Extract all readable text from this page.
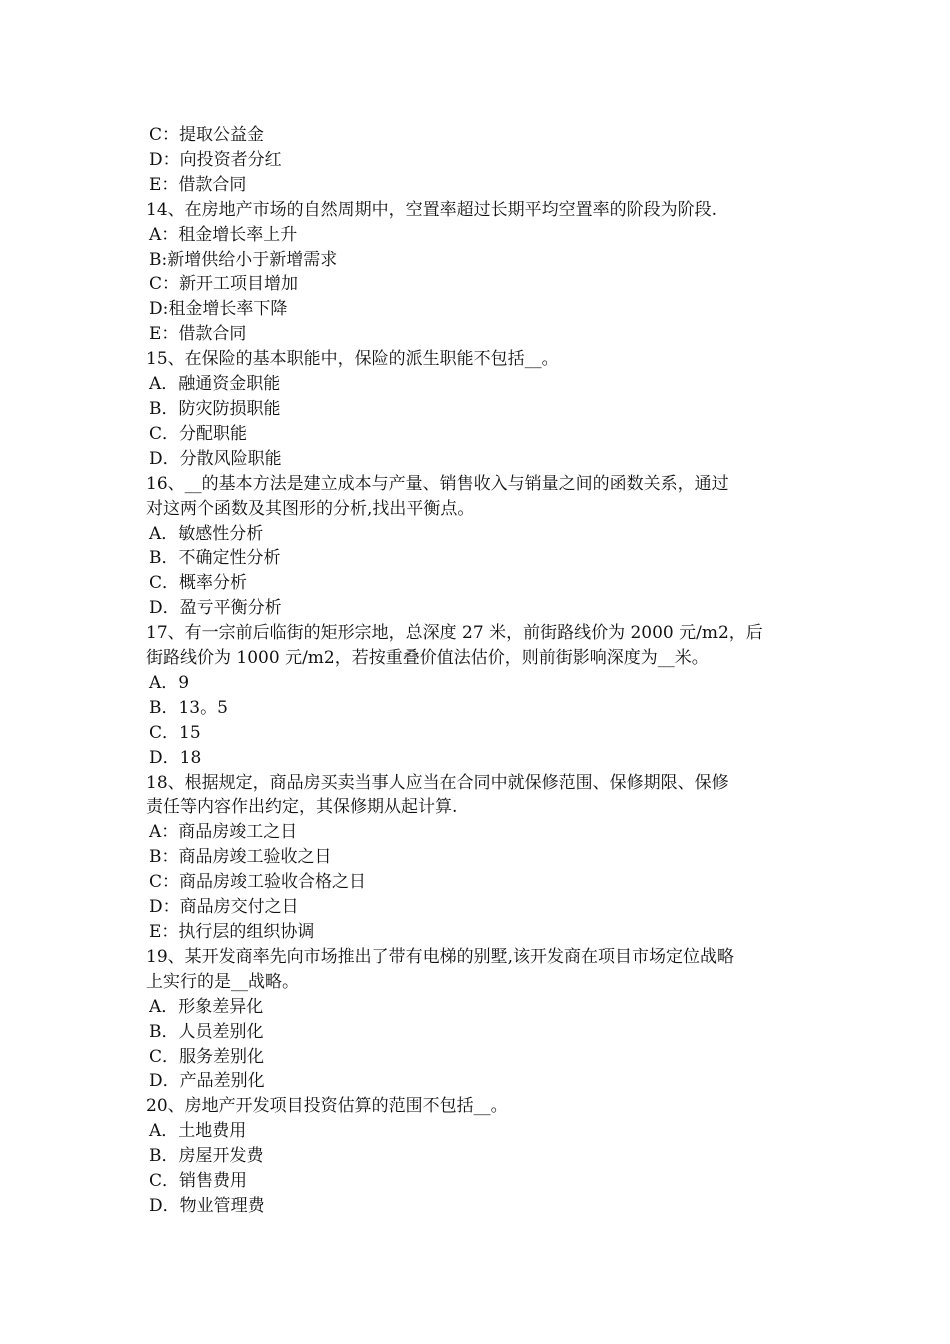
C：提取公益金

D：向投资者分红

E：借款合同

14、在房地产市场的自然周期中，空置率超过长期平均空置率的阶段为阶段.

A：租金增长率上升

B:新增供给小于新增需求

C：新开工项目增加

D:租金增长率下降

E：借款合同

15、在保险的基本职能中，保险的派生职能不包括__。

A．融通资金职能

B．防灾防损职能

C．分配职能

D．分散风险职能

16、__的基本方法是建立成本与产量、销售收入与销量之间的函数关系，通过

对这两个函数及其图形的分析,找出平衡点。

A．敏感性分析

B．不确定性分析

C．概率分析

D．盈亏平衡分析

17、有一宗前后临街的矩形宗地，总深度 27 米，前街路线价为 2000 元/m2，后

街路线价为 1000 元/m2，若按重叠价值法估价，则前街影响深度为__米。

A．9

B．13。5

C．15

D．18

18、根据规定，商品房买卖当事人应当在合同中就保修范围、保修期限、保修

责任等内容作出约定，其保修期从起计算.

A：商品房竣工之日

B：商品房竣工验收之日

C：商品房竣工验收合格之日

D：商品房交付之日

E：执行层的组织协调

19、某开发商率先向市场推出了带有电梯的别墅,该开发商在项目市场定位战略

上实行的是__战略。

A．形象差异化

B．人员差别化

C．服务差别化

D．产品差别化

20、房地产开发项目投资估算的范围不包括__。

A．土地费用

B．房屋开发费

C．销售费用

D．物业管理费
